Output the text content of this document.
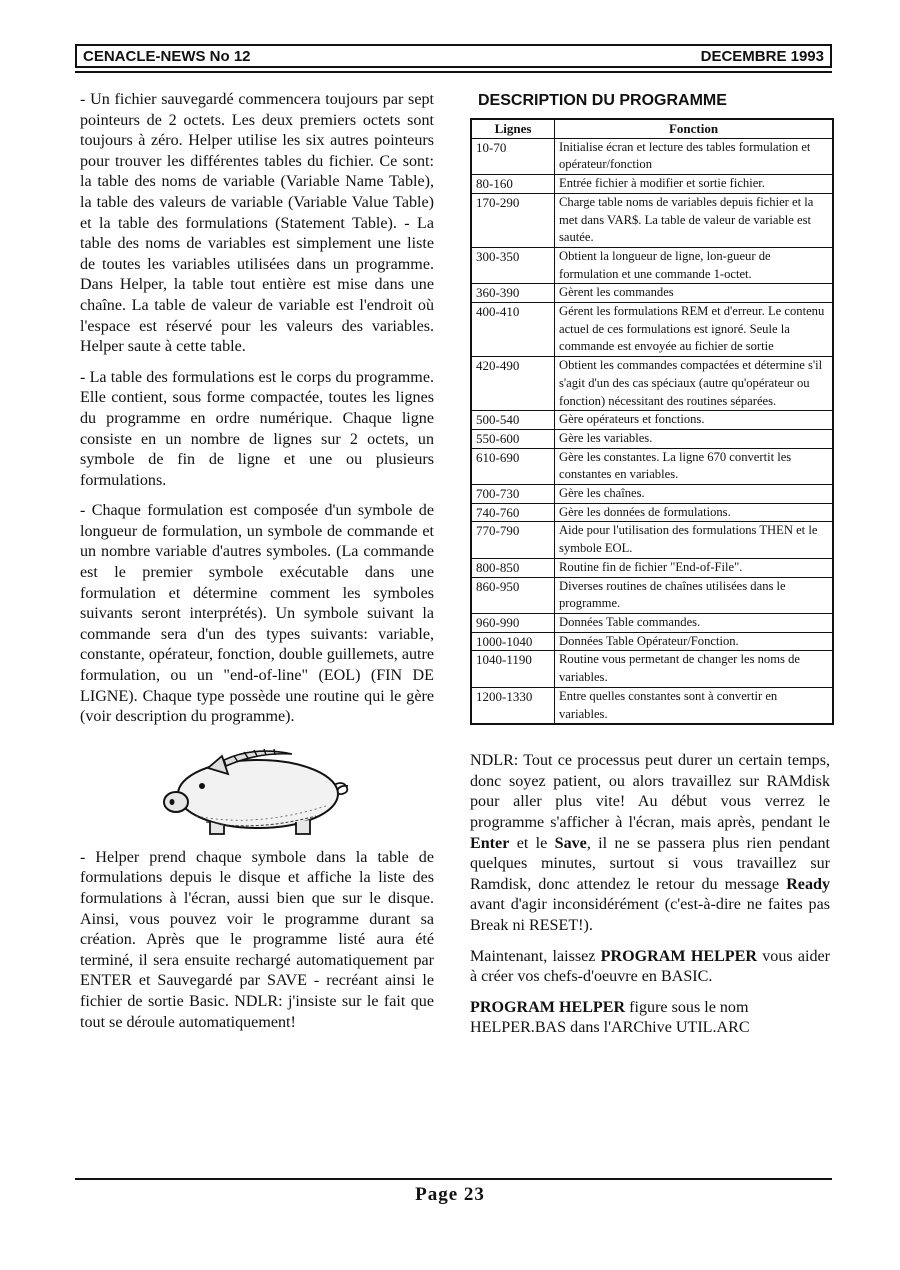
CENACLE-NEWS No 12	DECEMBRE 1993

- Un fichier sauvegardé commencera toujours par sept pointeurs de 2 octets. Les deux premiers octets sont toujours à zéro. Helper utilise les six autres pointeurs pour trouver les différentes tables du fichier. Ce sont: la table des noms de variable (Variable Name Table), la table des valeurs de variable (Variable Value Table) et la table des formulations (Statement Table). - La table des noms de variables est simplement une liste de toutes les variables utilisées dans un programme. Dans Helper, la table tout entière est mise dans une chaîne. La table de valeur de variable est l'endroit où l'espace est réservé pour les valeurs des variables. Helper saute à cette table.

- La table des formulations est le corps du programme. Elle contient, sous forme compactée, toutes les lignes du programme en ordre numérique. Chaque ligne consiste en un nombre de lignes sur 2 octets, un symbole de fin de ligne et une ou plusieurs formulations.

- Chaque formulation est composée d'un symbole de longueur de formulation, un symbole de commande et un nombre variable d'autres symboles. (La commande est le premier symbole exécutable dans une formulation et détermine comment les symboles suivants seront interprétés). Un symbole suivant la commande sera d'un des types suivants: variable, constante, opérateur, fonction, double guillemets, autre formulation, ou un "end-of-line" (EOL) (FIN DE LIGNE). Chaque type possède une routine qui le gère (voir description du programme).

- Helper prend chaque symbole dans la table de formulations depuis le disque et affiche la liste des formulations à l'écran, aussi bien que sur le disque. Ainsi, vous pouvez voir le programme durant sa création. Après que le programme listé aura été terminé, il sera ensuite rechargé automatiquement par ENTER et Sauvegardé par SAVE - recréant ainsi le fichier de sortie Basic. NDLR: j'insiste sur le fait que tout se déroule automatiquement!

DESCRIPTION DU PROGRAMME
Lignes	Fonction
10-70	Initialise écran et lecture des tables formulation et opérateur/fonction
80-160	Entrée fichier à modifier et sortie fichier.
170-290	Charge table noms de variables depuis fichier et la met dans VAR$. La table de valeur de variable est sautée.
300-350	Obtient la longueur de ligne, lon-gueur de formulation et une commande 1-octet.
360-390	Gèrent les commandes
400-410	Gérent les formulations REM et d'erreur. Le contenu actuel de ces formulations est ignoré. Seule la commande est envoyée au fichier de sortie
420-490	Obtient les commandes compactées et détermine s'il s'agit d'un des cas spéciaux (autre qu'opérateur ou fonction) nécessitant des routines séparées.
500-540	Gère opérateurs et fonctions.
550-600	Gère les variables.
610-690	Gère les constantes. La ligne 670 convertit les constantes en variables.
700-730	Gère les chaînes.
740-760	Gère les données de formulations.
770-790	Aide pour l'utilisation des formulations THEN et le symbole EOL.
800-850	Routine fin de fichier "End-of-File".
860-950	Diverses routines de chaînes utilisées dans le programme.
960-990	Données Table commandes.
1000-1040	Données Table Opérateur/Fonction.
1040-1190	Routine vous permetant de changer les noms de variables.
1200-1330	Entre quelles constantes sont à convertir en variables.

NDLR: Tout ce processus peut durer un certain temps, donc soyez patient, ou alors travaillez sur RAMdisk pour aller plus vite! Au début vous verrez le programme s'afficher à l'écran, mais après, pendant le Enter et le Save, il ne se passera plus rien pendant quelques minutes, surtout si vous travaillez sur Ramdisk, donc attendez le retour du message Ready avant d'agir inconsidérément (c'est-à-dire ne faites pas Break ni RESET!).

Maintenant, laissez PROGRAM HELPER vous aider à créer vos chefs-d'oeuvre en BASIC.

PROGRAM HELPER figure sous le nom HELPER.BAS dans l'ARChive UTIL.ARC

Page 23
